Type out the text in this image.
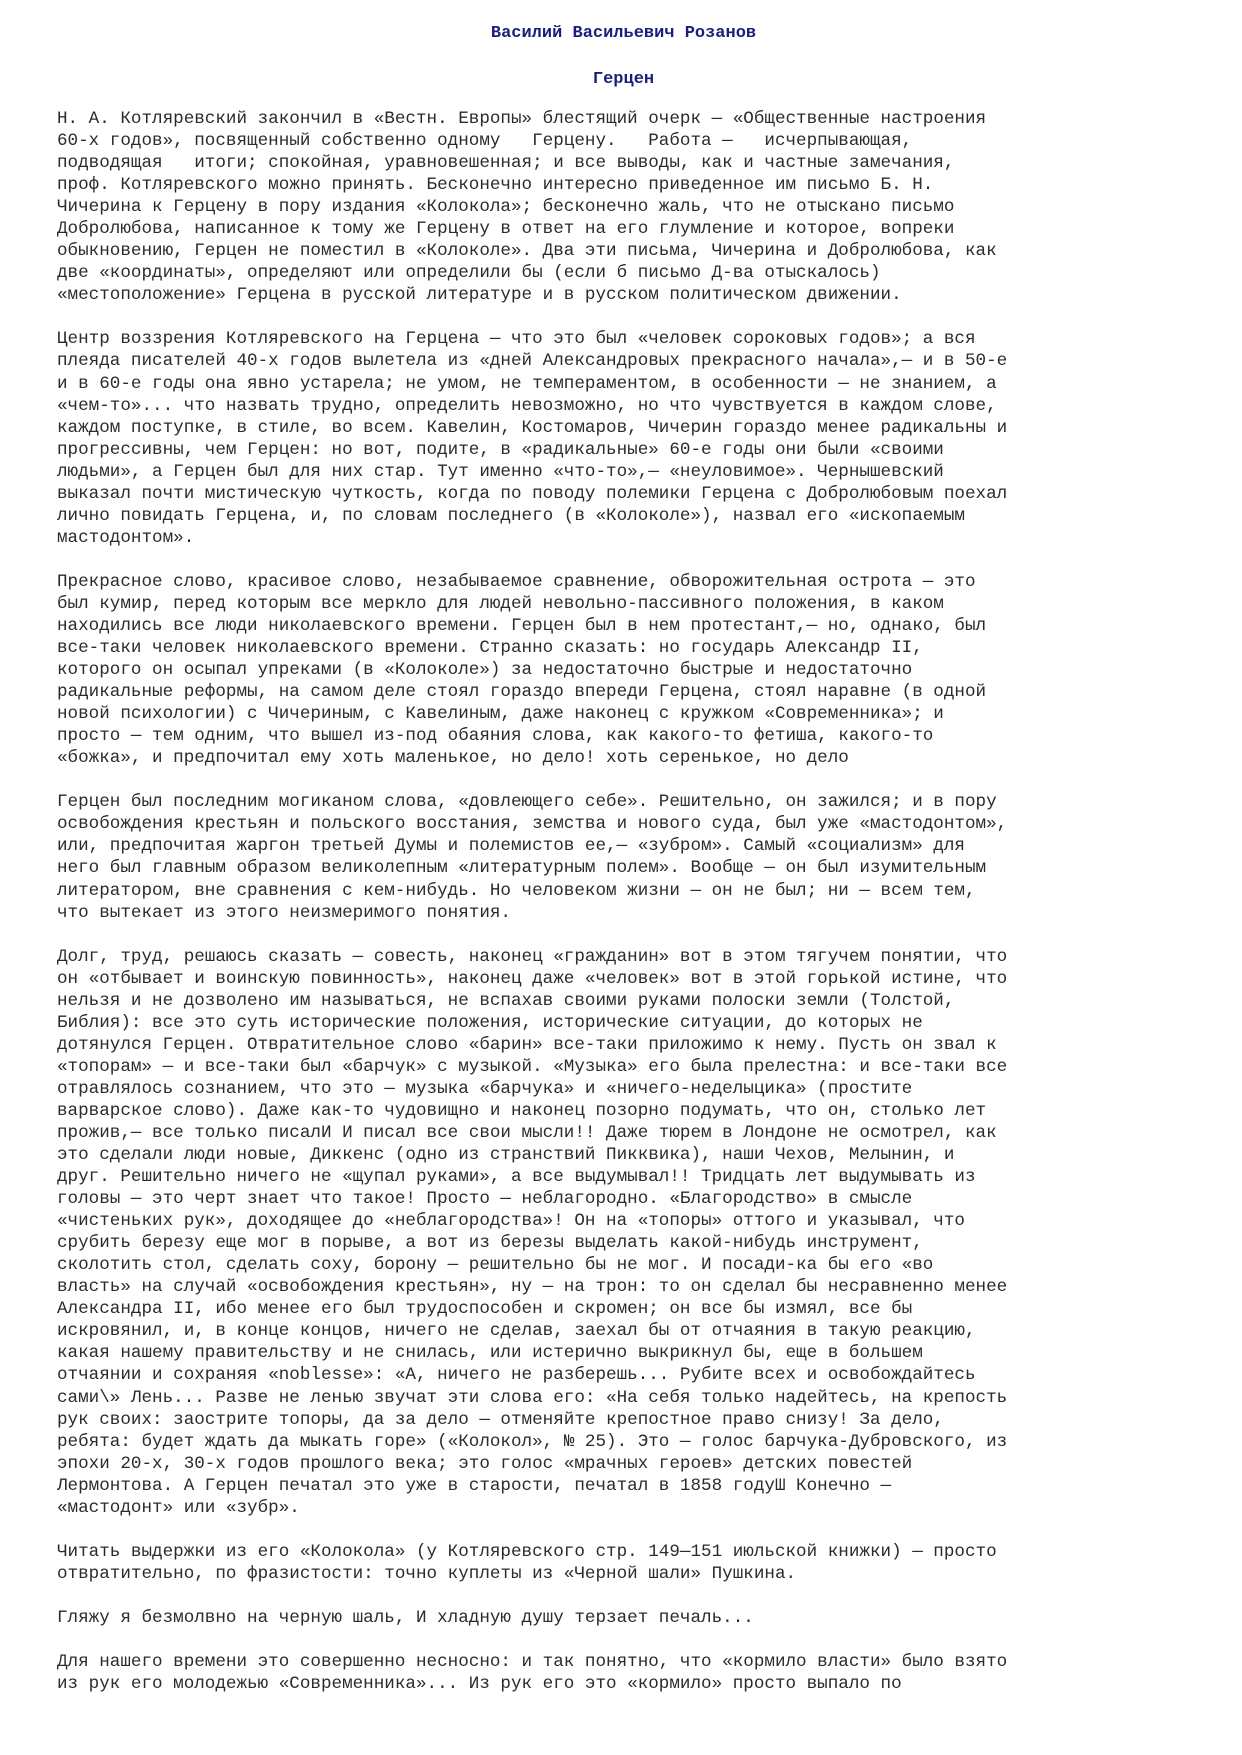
Василий Васильевич Розанов
Герцен

Н. А. Котляревский закончил в «Вестн. Европы» блестящий очерк — «Общественные настроения
60-х годов», посвященный собственно одному   Герцену.   Работа —   исчерпывающая,
подводящая   итоги; спокойная, уравновешенная; и все выводы, как и частные замечания,
проф. Котляревского можно принять. Бесконечно интересно приведенное им письмо Б. Н.
Чичерина к Герцену в пору издания «Колокола»; бесконечно жаль, что не отыскано письмо
Добролюбова, написанное к тому же Герцену в ответ на его глумление и которое, вопреки
обыкновению, Герцен не поместил в «Колоколе». Два эти письма, Чичерина и Добролюбова, как
две «координаты», определяют или определили бы (если б письмо Д-ва отыскалось)
«местоположение» Герцена в русской литературе и в русском политическом движении.

Центр воззрения Котляревского на Герцена — что это был «человек сороковых годов»; а вся
плеяда писателей 40-х годов вылетела из «дней Александровых прекрасного начала»,— и в 50-е
и в 60-е годы она явно устарела; не умом, не темпераментом, в особенности — не знанием, а
«чем-то»... что назвать трудно, определить невозможно, но что чувствуется в каждом слове,
каждом поступке, в стиле, во всем. Кавелин, Костомаров, Чичерин гораздо менее радикальны и
прогрессивны, чем Герцен: но вот, подите, в «радикальные» 60-е годы они были «своими
людьми», а Герцен был для них стар. Тут именно «что-то»,— «неуловимое». Чернышевский
выказал почти мистическую чуткость, когда по поводу полемики Герцена с Добролюбовым поехал
лично повидать Герцена, и, по словам последнего (в «Колоколе»), назвал его «ископаемым
мастодонтом».

Прекрасное слово, красивое слово, незабываемое сравнение, обворожительная острота — это
был кумир, перед которым все меркло для людей невольно-пассивного положения, в каком
находились все люди николаевского времени. Герцен был в нем протестант,— но, однако, был
все-таки человек николаевского времени. Странно сказать: но государь Александр II,
которого он осыпал упреками (в «Колоколе») за недостаточно быстрые и недостаточно
радикальные реформы, на самом деле стоял гораздо впереди Герцена, стоял наравне (в одной
новой психологии) с Чичериным, с Кавелиным, даже наконец с кружком «Современника»; и
просто — тем одним, что вышел из-под обаяния слова, как какого-то фетиша, какого-то
«божка», и предпочитал ему хоть маленькое, но дело! хоть серенькое, но дело

Герцен был последним могиканом слова, «довлеющего себе». Решительно, он зажился; и в пору
освобождения крестьян и польского восстания, земства и нового суда, был уже «мастодонтом»,
или, предпочитая жаргон третьей Думы и полемистов ее,— «зубром». Самый «социализм» для
него был главным образом великолепным «литературным полем». Вообще — он был изумительным
литератором, вне сравнения с кем-нибудь. Но человеком жизни — он не был; ни — всем тем,
что вытекает из этого неизмеримого понятия.

Долг, труд, решаюсь сказать — совесть, наконец «гражданин» вот в этом тягучем понятии, что
он «отбывает и воинскую повинность», наконец даже «человек» вот в этой горькой истине, что
нельзя и не дозволено им называться, не вспахав своими руками полоски земли (Толстой,
Библия): все это суть исторические положения, исторические ситуации, до которых не
дотянулся Герцен. Отвратительное слово «барин» все-таки приложимо к нему. Пусть он звал к
«топорам» — и все-таки был «барчук» с музыкой. «Музыка» его была прелестна: и все-таки все
отравлялось сознанием, что это — музыка «барчука» и «ничего-неделыцика» (простите
варварское слово). Даже как-то чудовищно и наконец позорно подумать, что он, столько лет
прожив,— все только писалИ И писал все свои мысли!! Даже тюрем в Лондоне не осмотрел, как
это сделали люди новые, Диккенс (одно из странствий Пикквика), наши Чехов, Мелынин, и
друг. Решительно ничего не «щупал руками», а все выдумывал!! Тридцать лет выдумывать из
головы — это черт знает что такое! Просто — неблагородно. «Благородство» в смысле
«чистеньких рук», доходящее до «неблагородства»! Он на «топоры» оттого и указывал, что
срубить березу еще мог в порыве, а вот из березы выделать какой-нибудь инструмент,
сколотить стол, сделать соху, борону — решительно бы не мог. И посади-ка бы его «во
власть» на случай «освобождения крестьян», ну — на трон: то он сделал бы несравненно менее
Александра II, ибо менее его был трудоспособен и скромен; он все бы измял, все бы
искровянил, и, в конце концов, ничего не сделав, заехал бы от отчаяния в такую реакцию,
какая нашему правительству и не снилась, или истерично выкрикнул бы, еще в большем
отчаянии и сохраняя «noblesse»: «А, ничего не разберешь... Рубите всех и освобождайтесь
сами\» Лень... Разве не ленью звучат эти слова его: «На себя только надейтесь, на крепость
рук своих: заострите топоры, да за дело — отменяйте крепостное право снизу! За дело,
ребята: будет ждать да мыкать горе» («Колокол», № 25). Это — голос барчука-Дубровского, из
эпохи 20-х, 30-х годов прошлого века; это голос «мрачных героев» детских повестей
Лермонтова. А Герцен печатал это уже в старости, печатал в 1858 годуШ Конечно —
«мастодонт» или «зубр».

Читать выдержки из его «Колокола» (у Котляревского стр. 149—151 июльской книжки) — просто
отвратительно, по фразистости: точно куплеты из «Черной шали» Пушкина.

Гляжу я безмолвно на черную шаль, И хладную душу терзает печаль...

Для нашего времени это совершенно несносно: и так понятно, что «кормило власти» было взято
из рук его молодежью «Современника»... Из рук его это «кормило» просто выпало по
